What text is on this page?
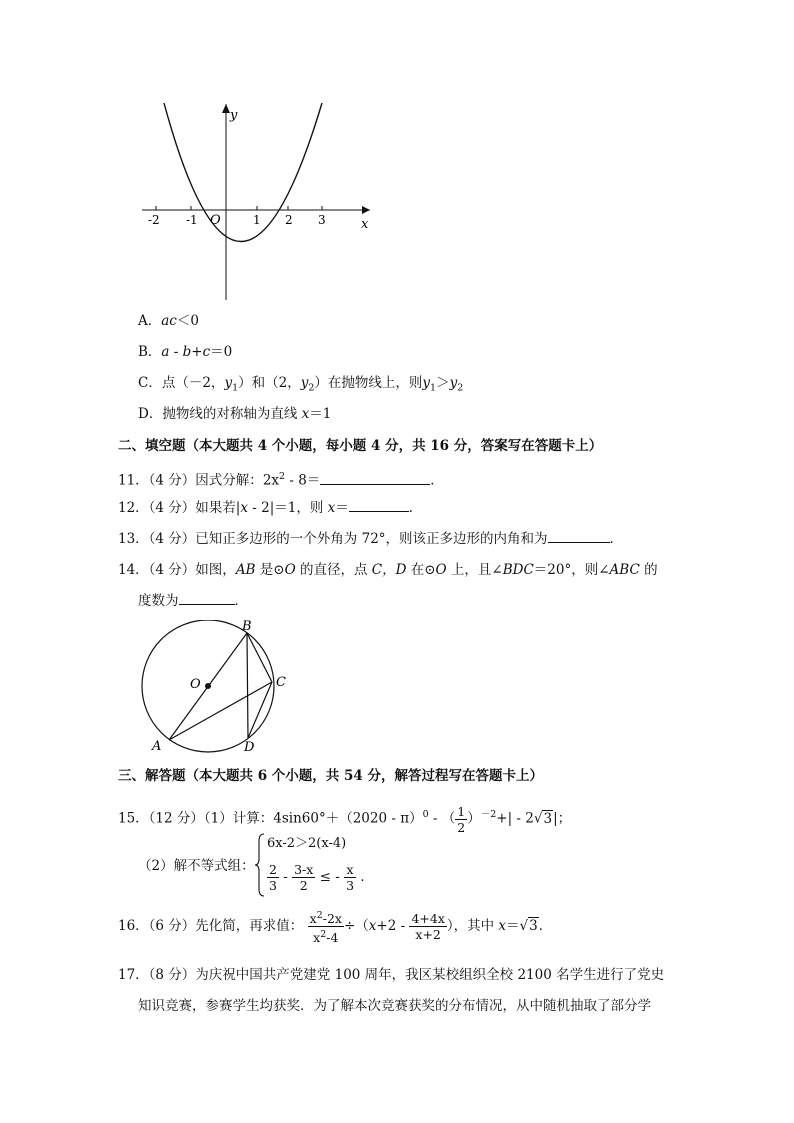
y
x
O
-2 -1	1 2 3
A．ac＜0
B．a - b+c＝0
C．点（－2，$y_1$）和（2，$y_2$）在抛物线上，则$y_1>y_2$
D．抛物线的对称轴为直线 x＝1
二、填空题（本大题共 4 个小题，每小题 4 分，共 16 分，答案写在答题卡上）
11．（4 分）因式分解：$2x^2 - 8=$	．
12．（4 分）如果若|x - 2|＝1，则 x＝	．
13．（4 分）已知正多边形的一个外角为 72°，则该正多边形的内角和为	．
14．（4 分）如图，AB 是⊙O 的直径，点 C，D 在⊙O 上，且∠BDC＝20°，则∠ABC 的
度数为	．
B
C
O
A	D
三、解答题（本大题共 6 个小题，共 54 分，解答过程写在答题卡上）
15．（12 分）（1）计算：4sin60°＋（2020 - π）$^0$ - （ $\frac{1}{2} )^{-2}+| - 2√3|$；
（2）解不等式组：
6x-2＞2(x-4)
$\frac{2}{3} - \frac{3-x}{2}$ ≤ - $\frac{x}{3}$ ．
16．（6 分）先化简，再求值： $\frac{x^2-2x}{x^2-4} \div(x+2 - \frac{4+4x}{x+2}$ ），其中 x＝√3．
17．（8 分）为庆祝中国共产党建党 100 周年，我区某校组织全校 2100 名学生进行了党史
知识竞赛，参赛学生均获奖．为了解本次竞赛获奖的分布情况，从中随机抽取了部分学
